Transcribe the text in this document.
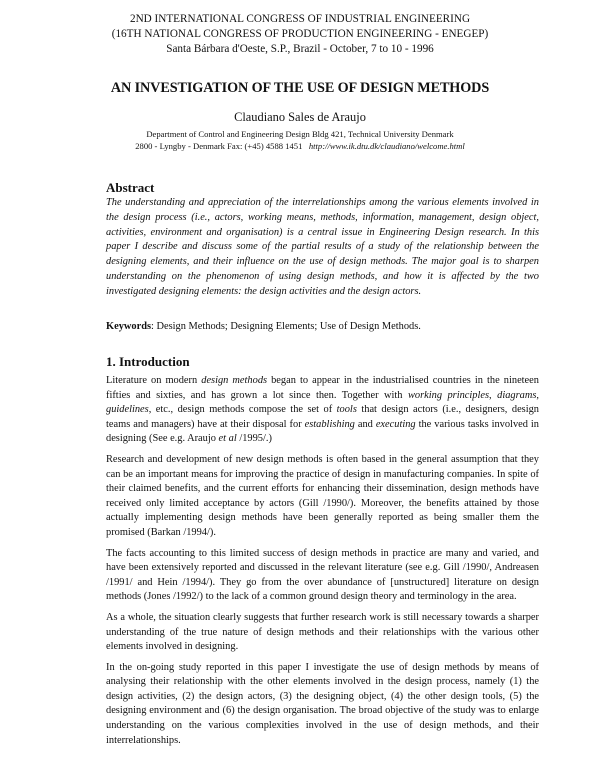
2ND INTERNATIONAL CONGRESS OF INDUSTRIAL ENGINEERING
(16TH NATIONAL CONGRESS OF PRODUCTION ENGINEERING - ENEGEP)
Santa Bárbara d'Oeste, S.P., Brazil - October, 7 to 10 - 1996
AN INVESTIGATION OF THE USE OF DESIGN METHODS
Claudiano Sales de Araujo
Department of Control and Engineering Design Bldg 421, Technical University Denmark
2800 - Lyngby - Denmark Fax: (+45) 4588 1451 http://www.ik.dtu.dk/claudiano/welcome.html
Abstract

The understanding and appreciation of the interrelationships among the various elements involved in the design process (i.e., actors, working means, methods, information, management, design object, activities, environment and organisation) is a central issue in Engineering Design research. In this paper I describe and discuss some of the partial results of a study of the relationship between the designing elements, and their influence on the use of design methods. The major goal is to sharpen understanding on the phenomenon of using design methods, and how it is affected by the two investigated designing elements: the design activities and the design actors.

Keywords: Design Methods; Designing Elements; Use of Design Methods.
1. Introduction

Literature on modern design methods began to appear in the industrialised countries in the nineteen fifties and sixties, and has grown a lot since then. Together with working principles, diagrams, guidelines, etc., design methods compose the set of tools that design actors (i.e., designers, design teams and managers) have at their disposal for establishing and executing the various tasks involved in designing (See e.g. Araujo et al /1995/.)

Research and development of new design methods is often based in the general assumption that they can be an important means for improving the practice of design in manufacturing companies. In spite of their claimed benefits, and the current efforts for enhancing their dissemination, design methods have received only limited acceptance by actors (Gill /1990/). Moreover, the benefits attained by those actually implementing design methods have been generally reported as being smaller them the promised (Barkan /1994/).

The facts accounting to this limited success of design methods in practice are many and varied, and have been extensively reported and discussed in the relevant literature (see e.g. Gill /1990/, Andreasen /1991/ and Hein /1994/). They go from the over abundance of [unstructured] literature on design methods (Jones /1992/) to the lack of a common ground design theory and terminology in the area.

As a whole, the situation clearly suggests that further research work is still necessary towards a sharper understanding of the true nature of design methods and their relationships with the various other elements involved in designing.

In the on-going study reported in this paper I investigate the use of design methods by means of analysing their relationship with the other elements involved in the design process, namely (1) the design activities, (2) the design actors, (3) the designing object, (4) the other design tools, (5) the designing environment and (6) the design organisation. The broad objective of the study was to enlarge understanding on the various complexities involved in the use of design methods, and their interrelationships.
